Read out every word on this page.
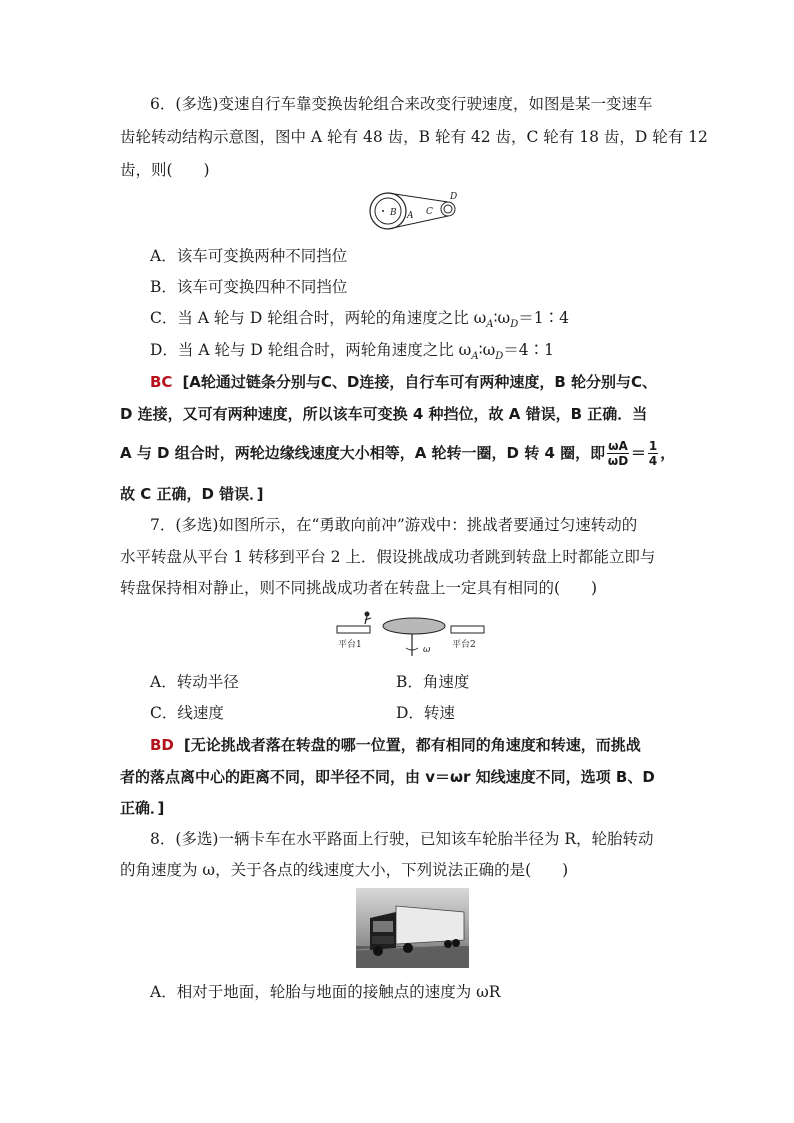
6．(多选)变速自行车靠变换齿轮组合来改变行驶速度，如图是某一变速车
齿轮转动结构示意图，图中 A 轮有 48 齿，B 轮有 42 齿，C 轮有 18 齿，D 轮有 12
齿，则(　　)
B A C
D
A．该车可变换两种不同挡位
B．该车可变换四种不同挡位
C．当 A 轮与 D 轮组合时，两轮的角速度之比 $\omega_A∶\omega_D=1∶4$
D．当 A 轮与 D 轮组合时，两轮角速度之比 $\omega_A∶\omega_D=4∶1$
BC [A轮通过链条分别与C、D连接，自行车可有两种速度，B 轮分别与C、
D 连接，又可有两种速度，所以该车可变换 4 种挡位，故 A 错误，B 正确．当
A 与 D 组合时，两轮边缘线速度大小相等，A 轮转一圈，D 转 4 圈，即 $\frac{\omega A}{\omega D} = \frac{1}{4}$ ，
故 C 正确，D 错误．]
7．(多选)如图所示，在“勇敢向前冲”游戏中：挑战者要通过匀速转动的
水平转盘从平台 1 转移到平台 2 上．假设挑战成功者跳到转盘上时都能立即与
转盘保持相对静止，则不同挑战成功者在转盘上一定具有相同的(　　)
平台1	平台2
ω
A．转动半径	B．角速度
C．线速度	D．转速
BD [无论挑战者落在转盘的哪一位置，都有相同的角速度和转速，而挑战
者的落点离中心的距离不同，即半径不同，由 v＝ωr 知线速度不同，选项 B、D
正确．]
8．(多选)一辆卡车在水平路面上行驶，已知该车轮胎半径为 R，轮胎转动
的角速度为 ω，关于各点的线速度大小，下列说法正确的是(　　)
A．相对于地面，轮胎与地面的接触点的速度为 ωR
